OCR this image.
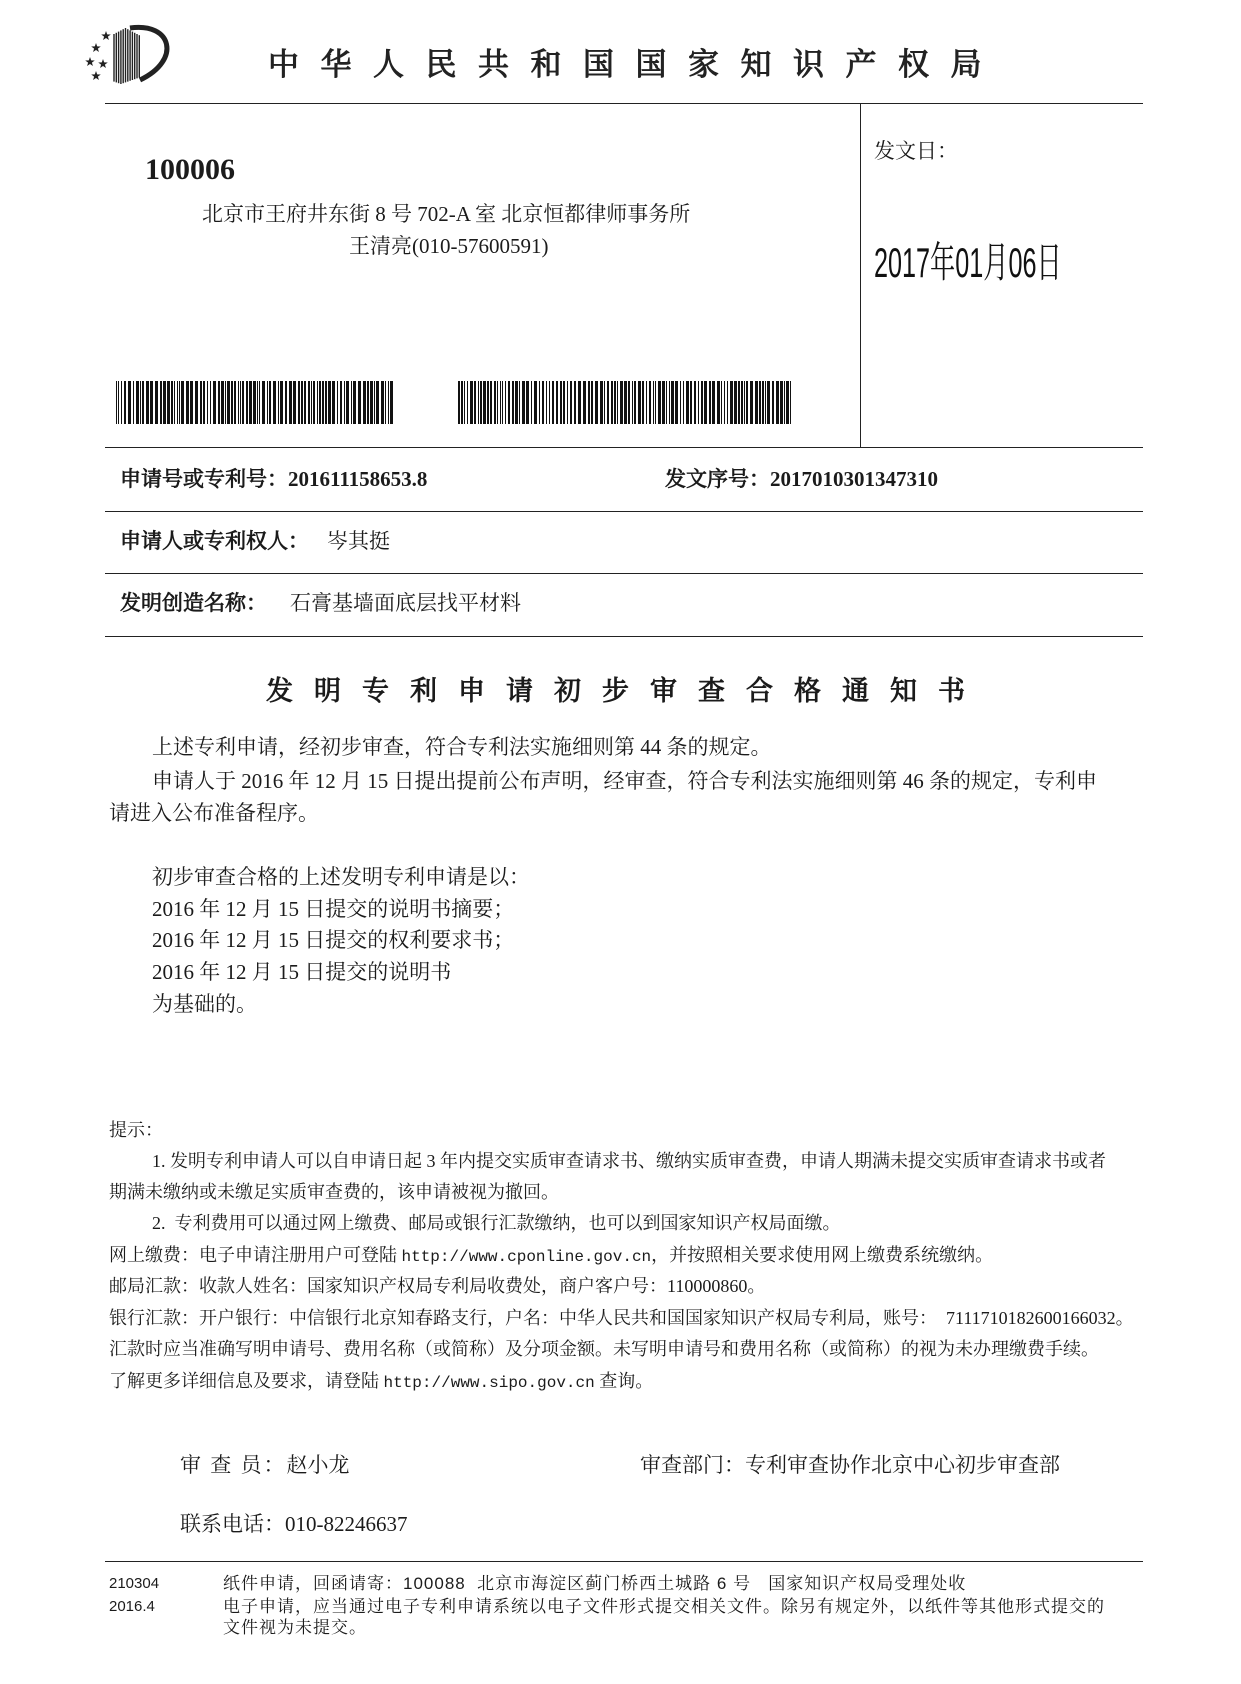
中华人民共和国国家知识产权局
100006
北京市王府井东街 8 号 702-A 室 北京恒都律师事务所
王清亮(010-57600591)
发文日：
2017年01月06日
申请号或专利号：201611158653.8	发文序号：2017010301347310
申请人或专利权人： 岑其挺
发明创造名称： 石膏基墙面底层找平材料
发明专利申请初步审查合格通知书
上述专利申请，经初步审查，符合专利法实施细则第 44 条的规定。
申请人于 2016 年 12 月 15 日提出提前公布声明，经审查，符合专利法实施细则第 46 条的规定，专利申
请进入公布准备程序。
初步审查合格的上述发明专利申请是以：
2016 年 12 月 15 日提交的说明书摘要；
2016 年 12 月 15 日提交的权利要求书；
2016 年 12 月 15 日提交的说明书
为基础的。
提示：
1. 发明专利申请人可以自申请日起 3 年内提交实质审查请求书、缴纳实质审查费，申请人期满未提交实质审查请求书或者
期满未缴纳或未缴足实质审查费的，该申请被视为撤回。
2.  专利费用可以通过网上缴费、邮局或银行汇款缴纳，也可以到国家知识产权局面缴。
网上缴费：电子申请注册用户可登陆 http://www.cponline.gov.cn，并按照相关要求使用网上缴费系统缴纳。
邮局汇款：收款人姓名：国家知识产权局专利局收费处，商户客户号：110000860。
银行汇款：开户银行：中信银行北京知春路支行，户名：中华人民共和国国家知识产权局专利局，账号：  7111710182600166032。
汇款时应当准确写明申请号、费用名称（或简称）及分项金额。未写明申请号和费用名称（或简称）的视为未办理缴费手续。
了解更多详细信息及要求，请登陆 http://www.sipo.gov.cn 查询。
审 查 员：赵小龙	审查部门：专利审查协作北京中心初步审查部
联系电话：010-82246637
210304
2016.4
纸件申请，回函请寄：100088  北京市海淀区蓟门桥西土城路 6 号   国家知识产权局受理处收
电子申请，应当通过电子专利申请系统以电子文件形式提交相关文件。除另有规定外，以纸件等其他形式提交的
文件视为未提交。
